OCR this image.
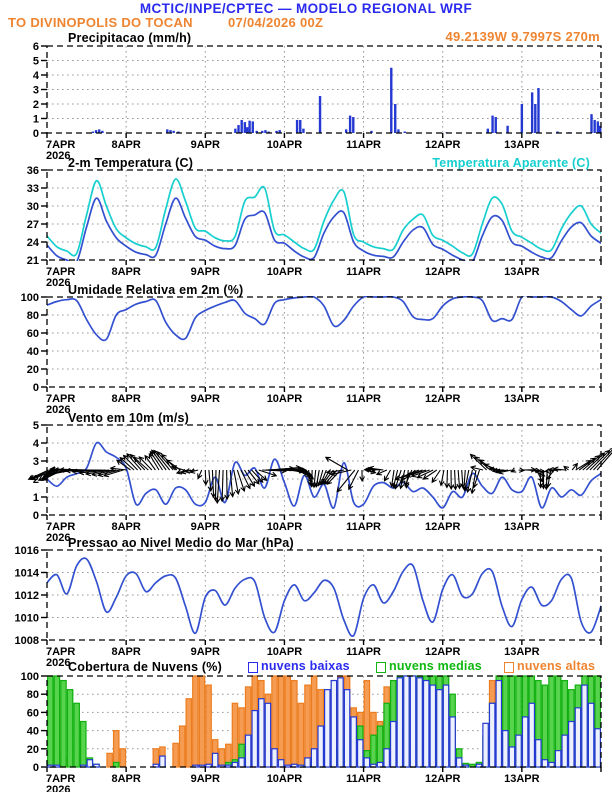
0
1
2
3
4
5
6
7APR
2026
8APR	9APR	10APR	11APR	12APR	13APR
21
24
27
30
33
36
7APR
2026
8APR	9APR	10APR	11APR	12APR	13APR
0
20
40
60
80
100
7APR
2026
8APR	9APR	10APR	11APR	12APR	13APR
0
1
2
3
4
5
7APR
2026
8APR	9APR	10APR	11APR	12APR	13APR
1008
1010
1012
1014
1016
7APR
2026
8APR	9APR	10APR	11APR	12APR	13APR
0
20
40
60
80
100
7APR
2026
8APR	9APR	10APR	11APR	12APR	13APR
MCTIC/INPE/CPTEC — MODELO REGIONAL WRF
TO DIVINOPOLIS DO TOCAN	07/04/2026 00Z
49.2139W 9.7997S 270m
Precipitacao (mm/h)
2-m Temperatura (C)	Temperatura Aparente (C)
Umidade Relativa em 2m (%)
Vento em 10m (m/s)
Pressao ao Nivel Medio do Mar (hPa)
Cobertura de Nuvens (%)	nuvens baixas	nuvens medias	nuvens altas
